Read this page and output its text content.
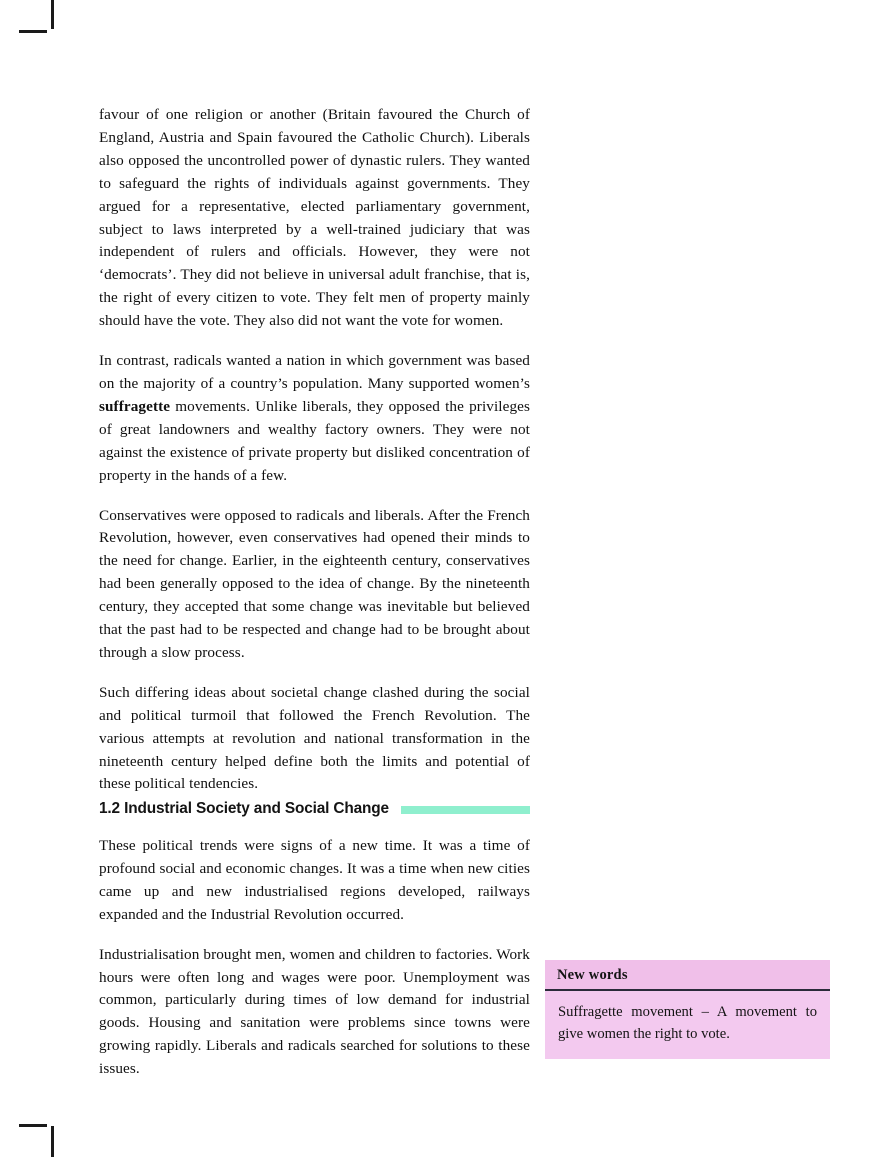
favour of one religion or another (Britain favoured the Church of England, Austria and Spain favoured the Catholic Church). Liberals also opposed the uncontrolled power of dynastic rulers. They wanted to safeguard the rights of individuals against governments. They argued for a representative, elected parliamentary government, subject to laws interpreted by a well-trained judiciary that was independent of rulers and officials. However, they were not ‘democrats’. They did not believe in universal adult franchise, that is, the right of every citizen to vote. They felt men of property mainly should have the vote. They also did not want the vote for women.

In contrast, radicals wanted a nation in which government was based on the majority of a country’s population. Many supported women’s suffragette movements. Unlike liberals, they opposed the privileges of great landowners and wealthy factory owners. They were not against the existence of private property but disliked concentration of property in the hands of a few.

Conservatives were opposed to radicals and liberals. After the French Revolution, however, even conservatives had opened their minds to the need for change. Earlier, in the eighteenth century, conservatives had been generally opposed to the idea of change. By the nineteenth century, they accepted that some change was inevitable but believed that the past had to be respected and change had to be brought about through a slow process.

Such differing ideas about societal change clashed during the social and political turmoil that followed the French Revolution. The various attempts at revolution and national transformation in the nineteenth century helped define both the limits and potential of these political tendencies.

1.2 Industrial Society and Social Change

These political trends were signs of a new time. It was a time of profound social and economic changes. It was a time when new cities came up and new industrialised regions developed, railways expanded and the Industrial Revolution occurred.

Industrialisation brought men, women and children to factories. Work hours were often long and wages were poor. Unemployment was common, particularly during times of low demand for industrial goods. Housing and sanitation were problems since towns were growing rapidly. Liberals and radicals searched for solutions to these issues.

New words

Suffragette movement – A movement to give women the right to vote.
